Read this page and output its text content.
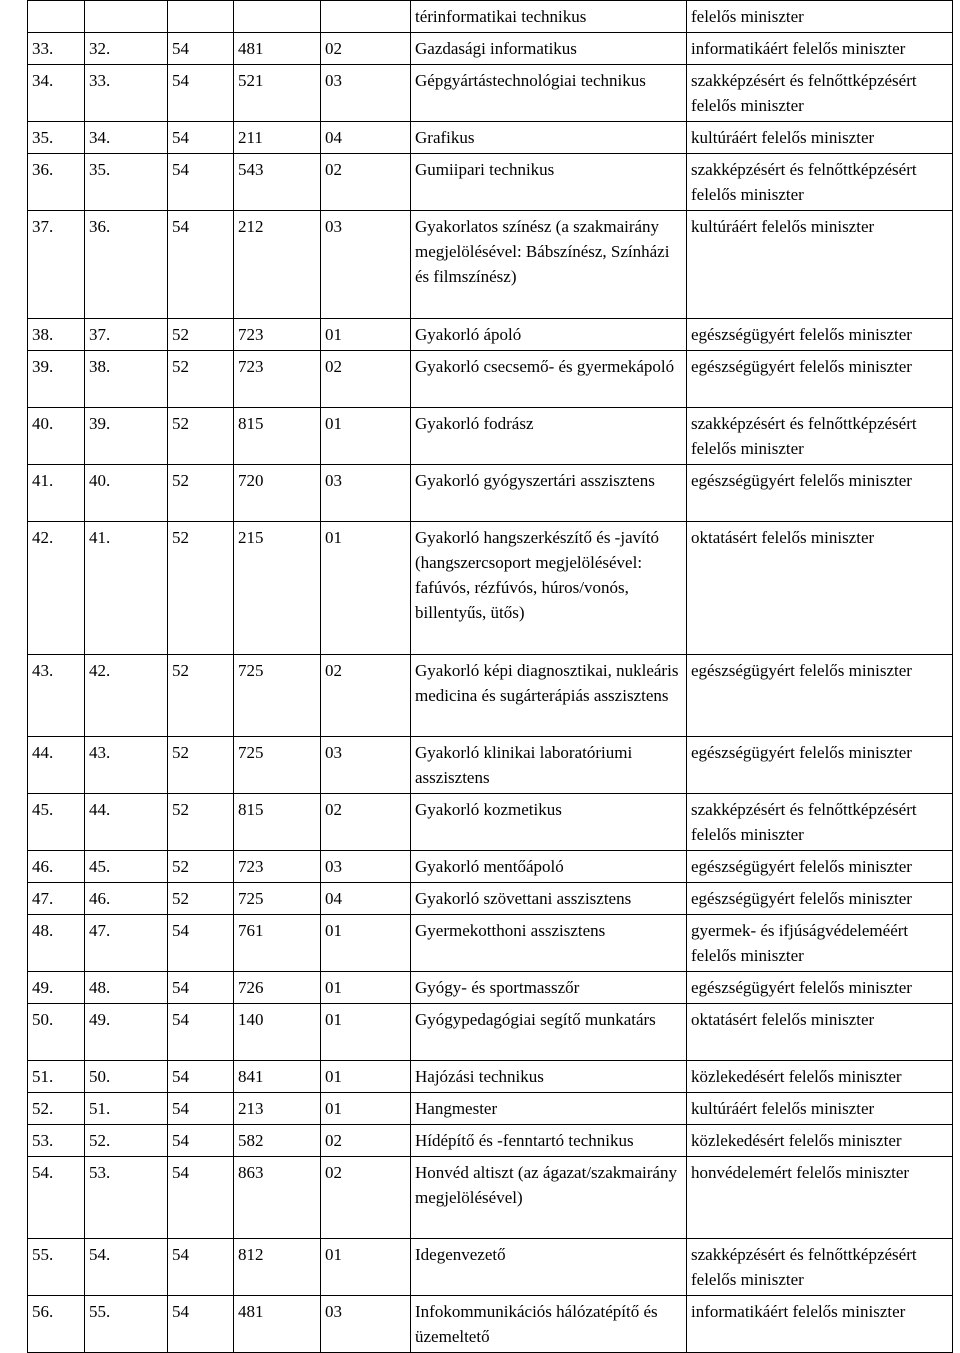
					térinformatikai technikus	felelős miniszter
33.	32.	54	481	02	Gazdasági informatikus	informatikáért felelős miniszter
34.	33.	54	521	03	Gépgyártástechnológiai technikus	szakképzésért és felnőttképzésért felelős miniszter
35.	34.	54	211	04	Grafikus	kultúráért felelős miniszter
36.	35.	54	543	02	Gumiipari technikus	szakképzésért és felnőttképzésért felelős miniszter
37.	36.	54	212	03	Gyakorlatos színész (a szakmairány megjelölésével: Bábszínész, Színházi és filmszínész)	kultúráért felelős miniszter
38.	37.	52	723	01	Gyakorló ápoló	egészségügyért felelős miniszter
39.	38.	52	723	02	Gyakorló csecsemő- és gyermekápoló	egészségügyért felelős miniszter
40.	39.	52	815	01	Gyakorló fodrász	szakképzésért és felnőttképzésért felelős miniszter
41.	40.	52	720	03	Gyakorló gyógyszertári asszisztens	egészségügyért felelős miniszter
42.	41.	52	215	01	Gyakorló hangszerkészítő és -javító (hangszercsoport megjelölésével: fafúvós, rézfúvós, húros/vonós, billentyűs, ütős)	oktatásért felelős miniszter
43.	42.	52	725	02	Gyakorló képi diagnosztikai, nukleáris medicina és sugárterápiás asszisztens	egészségügyért felelős miniszter
44.	43.	52	725	03	Gyakorló klinikai laboratóriumi asszisztens	egészségügyért felelős miniszter
45.	44.	52	815	02	Gyakorló kozmetikus	szakképzésért és felnőttképzésért felelős miniszter
46.	45.	52	723	03	Gyakorló mentőápoló	egészségügyért felelős miniszter
47.	46.	52	725	04	Gyakorló szövettani asszisztens	egészségügyért felelős miniszter
48.	47.	54	761	01	Gyermekotthoni asszisztens	gyermek- és ifjúságvédeleméért felelős miniszter
49.	48.	54	726	01	Gyógy- és sportmasszőr	egészségügyért felelős miniszter
50.	49.	54	140	01	Gyógypedagógiai segítő munkatárs	oktatásért felelős miniszter
51.	50.	54	841	01	Hajózási technikus	közlekedésért felelős miniszter
52.	51.	54	213	01	Hangmester	kultúráért felelős miniszter
53.	52.	54	582	02	Hídépítő és -fenntartó technikus	közlekedésért felelős miniszter
54.	53.	54	863	02	Honvéd altiszt (az ágazat/szakmairány megjelölésével)	honvédelemért felelős miniszter
55.	54.	54	812	01	Idegenvezető	szakképzésért és felnőttképzésért felelős miniszter
56.	55.	54	481	03	Infokommunikációs hálózatépítő és üzemeltető	informatikáért felelős miniszter
